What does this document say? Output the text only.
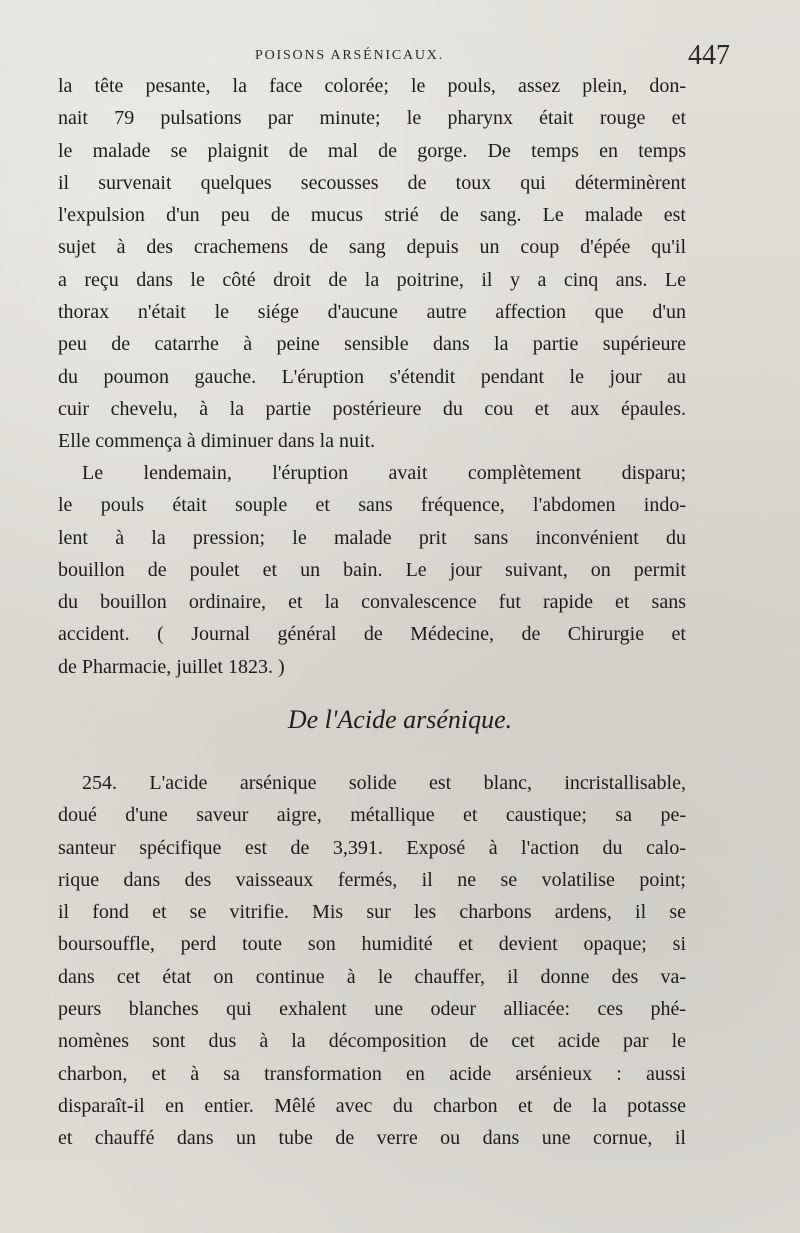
POISONS ARSÉNICAUX.	447
la tête pesante, la face colorée; le pouls, assez plein, don-
nait 79 pulsations par minute; le pharynx était rouge et
le malade se plaignit de mal de gorge. De temps en temps
il survenait quelques secousses de toux qui déterminèrent
l'expulsion d'un peu de mucus strié de sang. Le malade est
sujet à des crachemens de sang depuis un coup d'épée qu'il
a reçu dans le côté droit de la poitrine, il y a cinq ans. Le
thorax n'était le siége d'aucune autre affection que d'un
peu de catarrhe à peine sensible dans la partie supérieure
du poumon gauche. L'éruption s'étendit pendant le jour au
cuir chevelu, à la partie postérieure du cou et aux épaules.
Elle commença à diminuer dans la nuit.
Le lendemain, l'éruption avait complètement disparu;
le pouls était souple et sans fréquence, l'abdomen indo-
lent à la pression; le malade prit sans inconvénient du
bouillon de poulet et un bain. Le jour suivant, on permit
du bouillon ordinaire, et la convalescence fut rapide et sans
accident. ( Journal général de Médecine, de Chirurgie et
de Pharmacie, juillet 1823. )
De l'Acide arsénique.
254. L'acide arsénique solide est blanc, incristallisable,
doué d'une saveur aigre, métallique et caustique; sa pe-
santeur spécifique est de 3,391. Exposé à l'action du calo-
rique dans des vaisseaux fermés, il ne se volatilise point;
il fond et se vitrifie. Mis sur les charbons ardens, il se
boursouffle, perd toute son humidité et devient opaque; si
dans cet état on continue à le chauffer, il donne des va-
peurs blanches qui exhalent une odeur alliacée: ces phé-
nomènes sont dus à la décomposition de cet acide par le
charbon, et à sa transformation en acide arsénieux : aussi
disparaît-il en entier. Mêlé avec du charbon et de la potasse
et chauffé dans un tube de verre ou dans une cornue, il
